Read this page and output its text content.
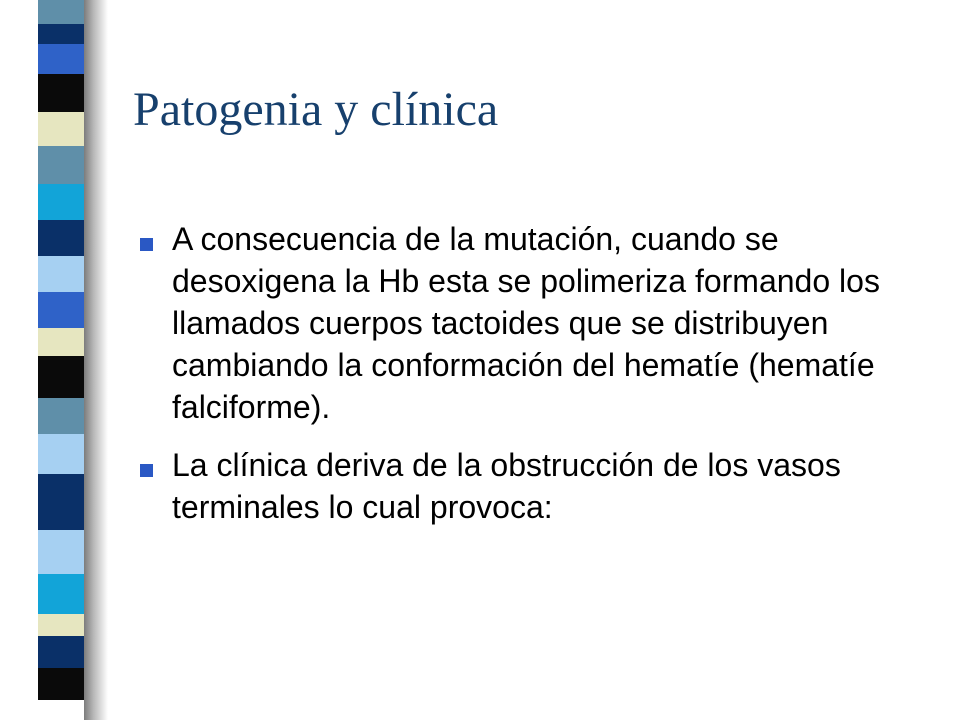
Patogenia y clínica
A consecuencia de la mutación, cuando se desoxigena la Hb esta se polimeriza formando los llamados cuerpos tactoides que se distribuyen cambiando la conformación del hematíe (hematíe falciforme).
La clínica deriva de la obstrucción de los vasos terminales lo cual provoca:
